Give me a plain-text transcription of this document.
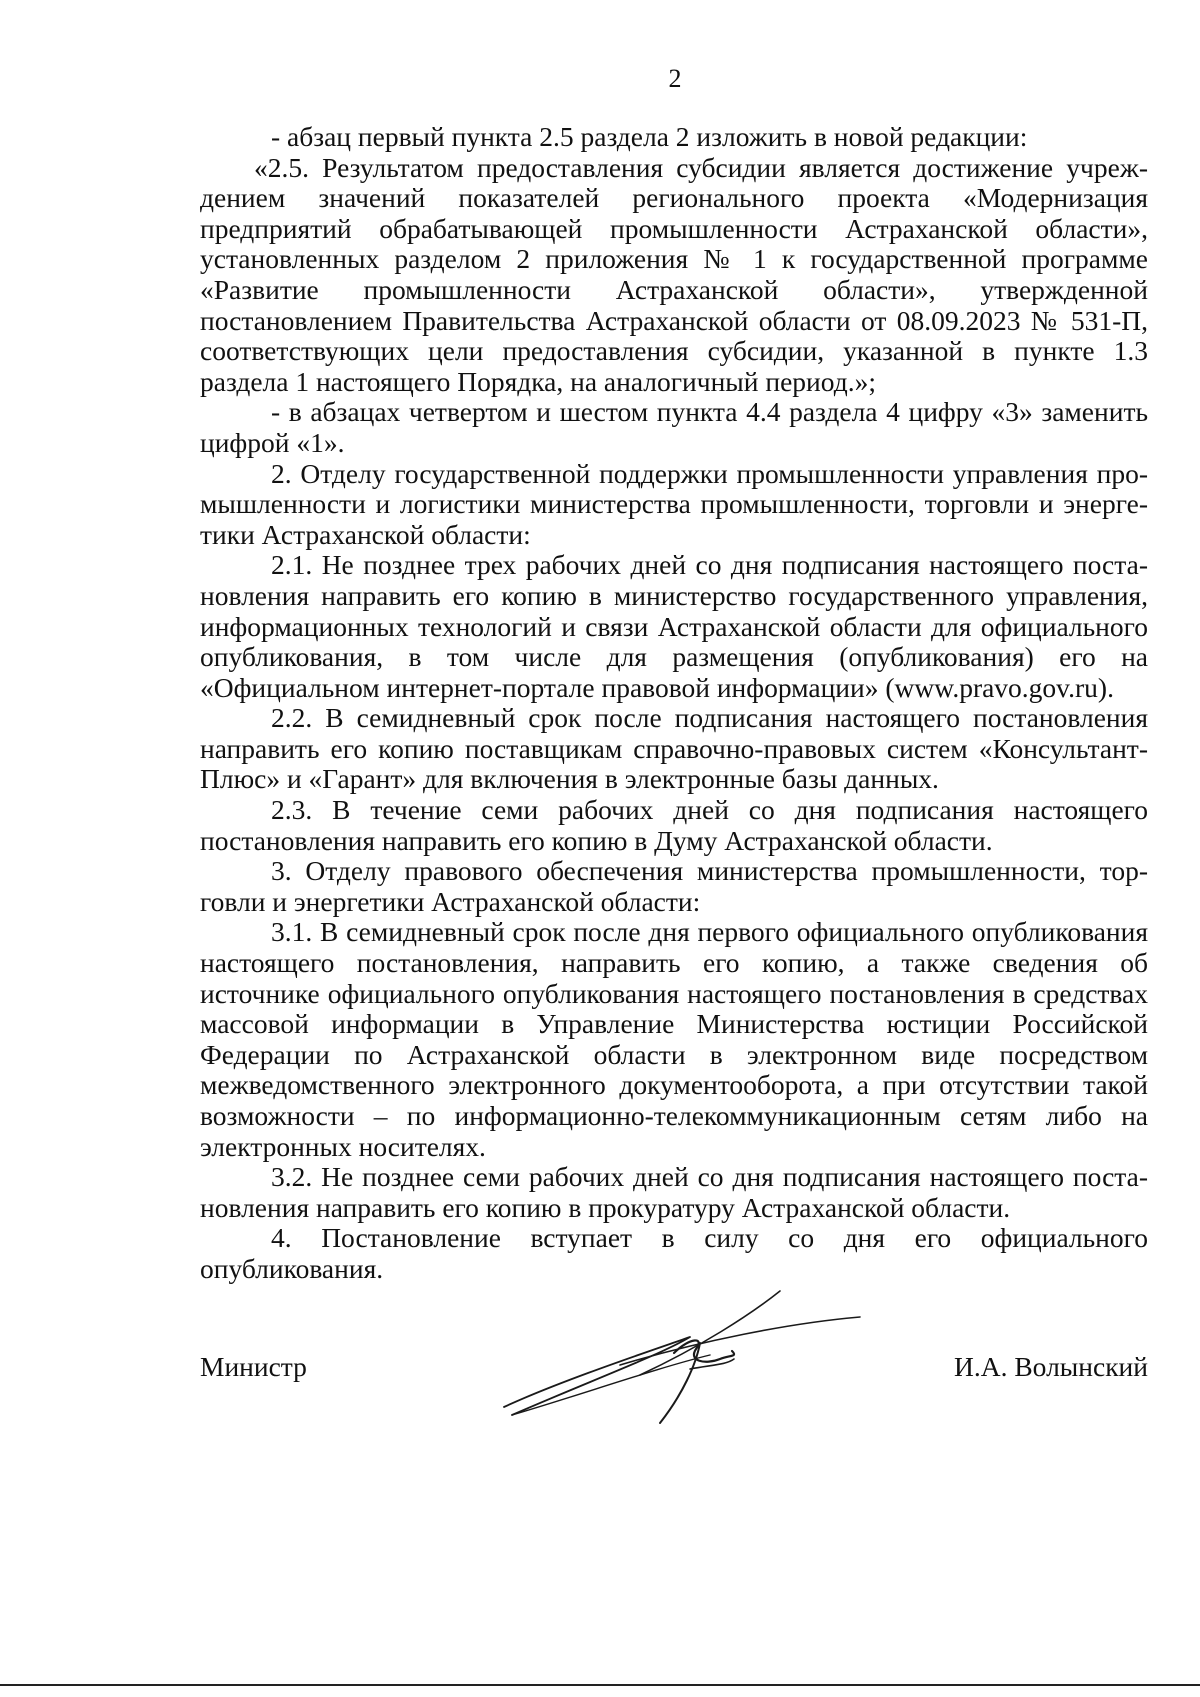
2

- абзац первый пункта 2.5 раздела 2 изложить в новой редакции:

«2.5. Результатом предоставления субсидии является достижение учреждением значений показателей регионального проекта «Модернизация предприятий обрабатывающей промышленности Астраханской области», установленных разделом 2 приложения № 1 к государственной программе «Развитие промышленности Астраханской области», утвержденной постановлением Правительства Астраханской области от 08.09.2023 № 531-П, соответствующих цели предоставления субсидии, указанной в пункте 1.3 раздела 1 настоящего Порядка, на аналогичный период.»;

- в абзацах четвертом и шестом пункта 4.4 раздела 4 цифру «3» заменить цифрой «1».

2. Отделу государственной поддержки промышленности управления промышленности и логистики министерства промышленности, торговли и энергетики Астраханской области:

2.1. Не позднее трех рабочих дней со дня подписания настоящего постановления направить его копию в министерство государственного управления, информационных технологий и связи Астраханской области для официального опубликования, в том числе для размещения (опубликования) его на «Официальном интернет-портале правовой информации» (www.pravo.gov.ru).

2.2. В семидневный срок после подписания настоящего постановления направить его копию поставщикам справочно-правовых систем «КонсультантПлюс» и «Гарант» для включения в электронные базы данных.

2.3. В течение семи рабочих дней со дня подписания настоящего постановления направить его копию в Думу Астраханской области.

3. Отделу правового обеспечения министерства промышленности, торговли и энергетики Астраханской области:

3.1. В семидневный срок после дня первого официального опубликования настоящего постановления, направить его копию, а также сведения об источнике официального опубликования настоящего постановления в средствах массовой информации в Управление Министерства юстиции Российской Федерации по Астраханской области в электронном виде посредством межведомственного электронного документооборота, а при отсутствии такой возможности – по информационно-телекоммуникационным сетям либо на электронных носителях.

3.2. Не позднее семи рабочих дней со дня подписания настоящего постановления направить его копию в прокуратуру Астраханской области.

4. Постановление вступает в силу со дня его официального опубликования.

Министр	И.А. Волынский
